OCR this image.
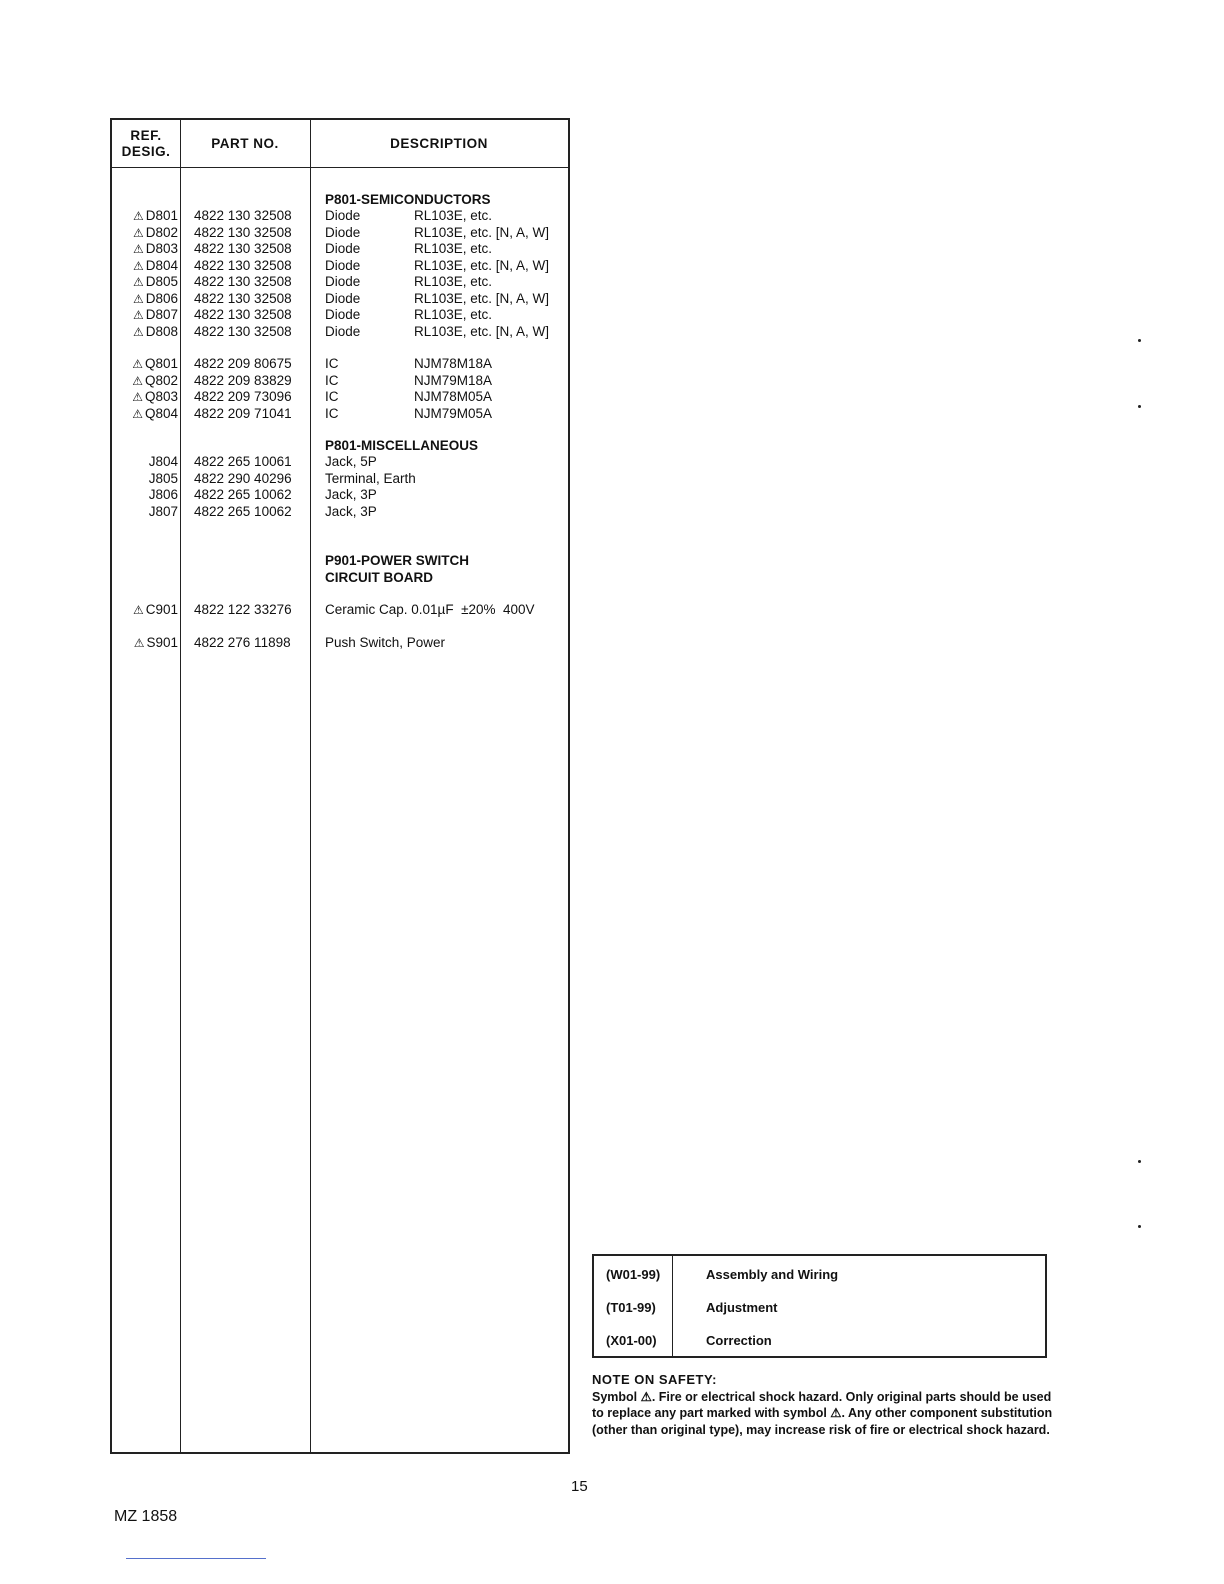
REF.
DESIG.
PART NO.	DESCRIPTION
P801-SEMICONDUCTORS
P801-MISCELLANEOUS
P901-POWER SWITCH
CIRCUIT BOARD
⚠ D801 4822 130 32508 Diode	RL103E, etc.
⚠ D802 4822 130 32508 Diode	RL103E, etc. [N, A, W]
⚠ D803 4822 130 32508 Diode	RL103E, etc.
⚠ D804 4822 130 32508 Diode	RL103E, etc. [N, A, W]
⚠ D805 4822 130 32508 Diode	RL103E, etc.
⚠ D806 4822 130 32508 Diode	RL103E, etc. [N, A, W]
⚠ D807 4822 130 32508 Diode	RL103E, etc.
⚠ D808 4822 130 32508 Diode	RL103E, etc. [N, A, W]
⚠ Q801 4822 209 80675 IC	NJM78M18A
⚠ Q802 4822 209 83829 IC	NJM79M18A
⚠ Q803 4822 209 73096 IC	NJM78M05A
⚠ Q804 4822 209 71041 IC	NJM79M05A
J804 4822 265 10061 Jack, 5P
J805 4822 290 40296 Terminal, Earth
J806 4822 265 10062 Jack, 3P
J807 4822 265 10062 Jack, 3P
⚠ C901 4822 122 33276 Ceramic Cap. 0.01µF  ±20%  400V
⚠ S901 4822 276 11898	Push Switch, Power
(W01-99)	Assembly and Wiring
(T01-99)	Adjustment
(X01-00)	Correction
NOTE ON SAFETY:
Symbol ⚠. Fire or electrical shock hazard. Only original parts should be used to replace any part marked with symbol ⚠. Any other component substitution (other than original type), may increase risk of fire or electrical shock hazard.
15
MZ 1858
